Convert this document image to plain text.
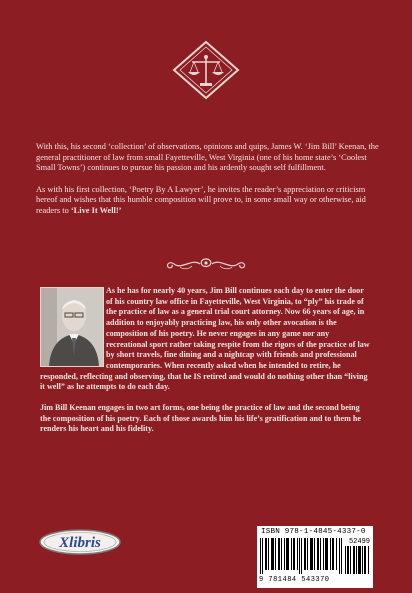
With this, his second ‘collection’ of observations, opinions and quips, James W. ‘Jim Bill’ Keenan, the general practitioner of law from small Fayetteville, West Virginia (one of his home state’s ‘Coolest Small Towns’) continues to pursue his passion and his ardently sought self fulfillment.

As with his first collection, ‘Poetry By A Lawyer’, he invites the reader’s appreciation or criticism hereof and wishes that this humble composition will prove to, in some small way or otherwise, aid readers to ‘Live It Well!’

As he has for nearly 40 years, Jim Bill continues each day to enter the door of his country law office in Fayetteville, West Virginia, to “ply” his trade of the practice of law as a general trial court attorney. Now 66 years of age, in addition to enjoyably practicing law, his only other avocation is the composition of his poetry. He never engages in any game nor any recreational sport rather taking respite from the rigors of the practice of law by short travels, fine dining and a nightcap with friends and professional contemporaries. When recently asked when he intended to retire, he responded, reflecting and observing, that he IS retired and would do nothing other than “living it well” as he attempts to do each day.

Jim Bill Keenan engages in two art forms, one being the practice of law and the second being the composition of his poetry. Each of those awards him his life’s gratification and to them he renders his heart and his fidelity.

Xlibris
ISBN 978-1-4845-4337-0
52499
9 781484 543370
